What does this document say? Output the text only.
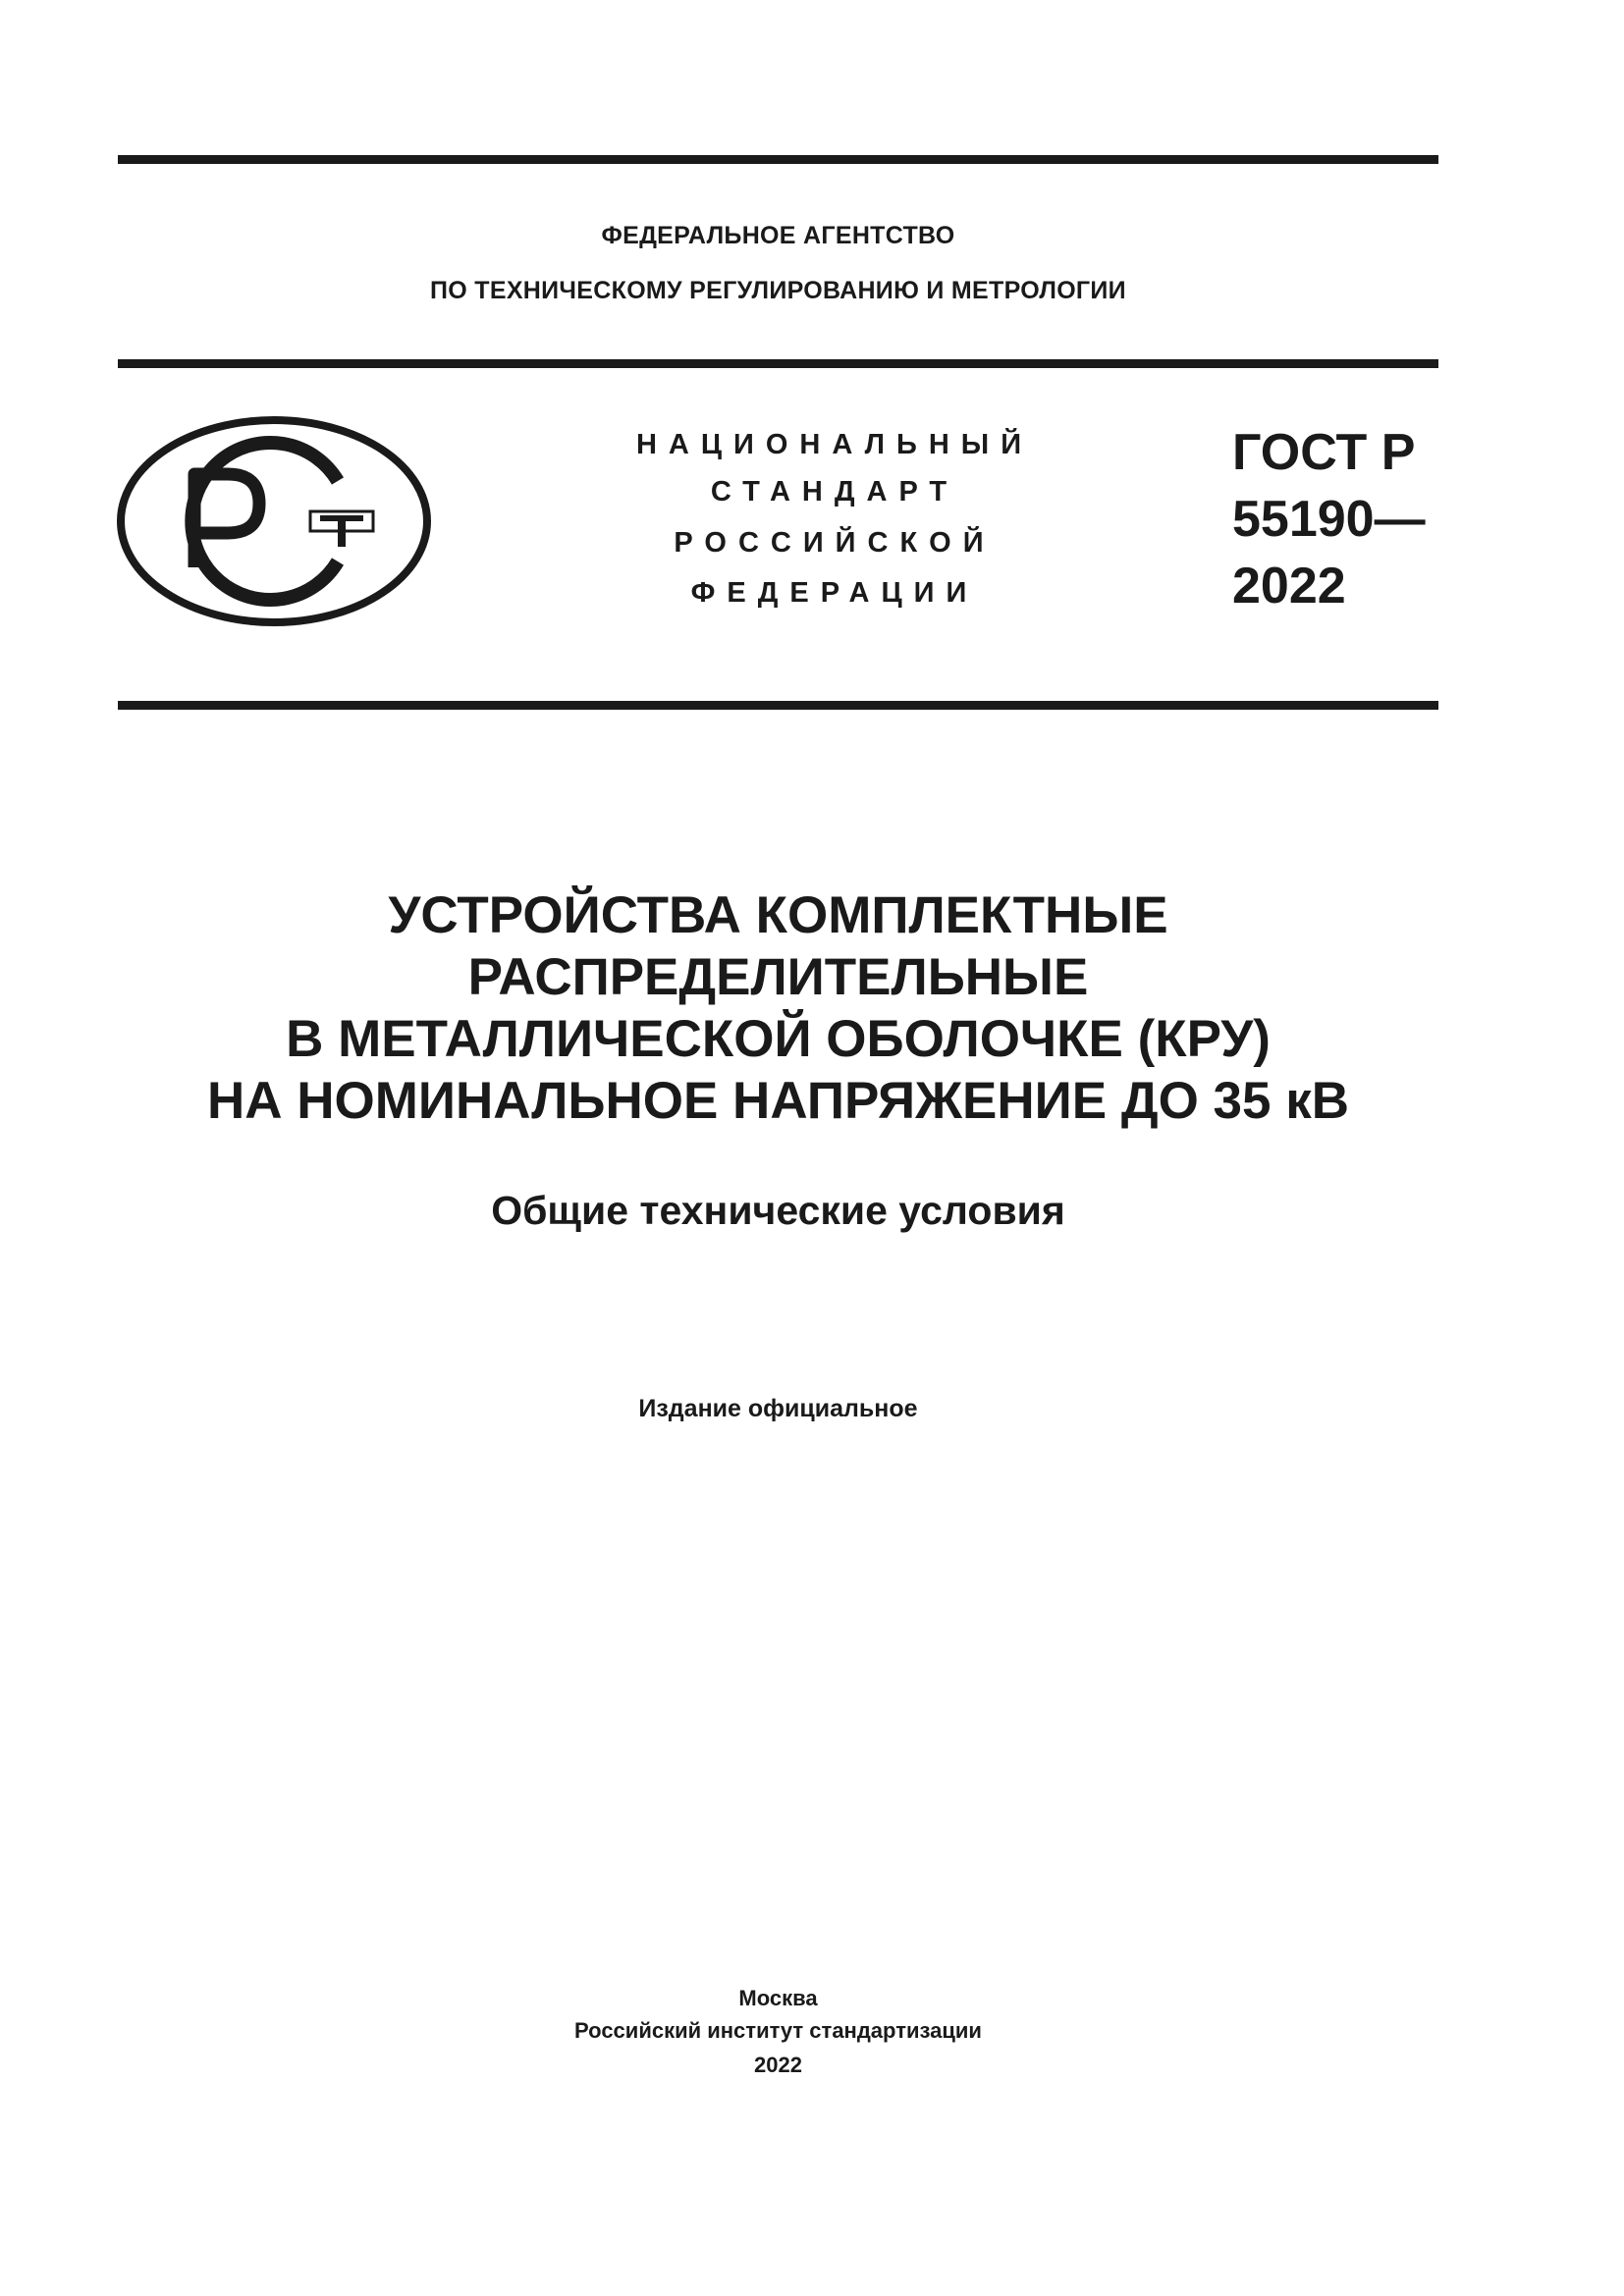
ФЕДЕРАЛЬНОЕ АГЕНТСТВО
ПО ТЕХНИЧЕСКОМУ РЕГУЛИРОВАНИЮ И МЕТРОЛОГИИ
НАЦИОНАЛЬНЫЙ
СТАНДАРТ
РОССИЙСКОЙ
ФЕДЕРАЦИИ
ГОСТ Р
55190—
2022
УСТРОЙСТВА КОМПЛЕКТНЫЕ
РАСПРЕДЕЛИТЕЛЬНЫЕ
В МЕТАЛЛИЧЕСКОЙ ОБОЛОЧКЕ (КРУ)
НА НОМИНАЛЬНОЕ НАПРЯЖЕНИЕ ДО 35 кВ
Общие технические условия
Издание официальное
Москва
Российский институт стандартизации
2022
